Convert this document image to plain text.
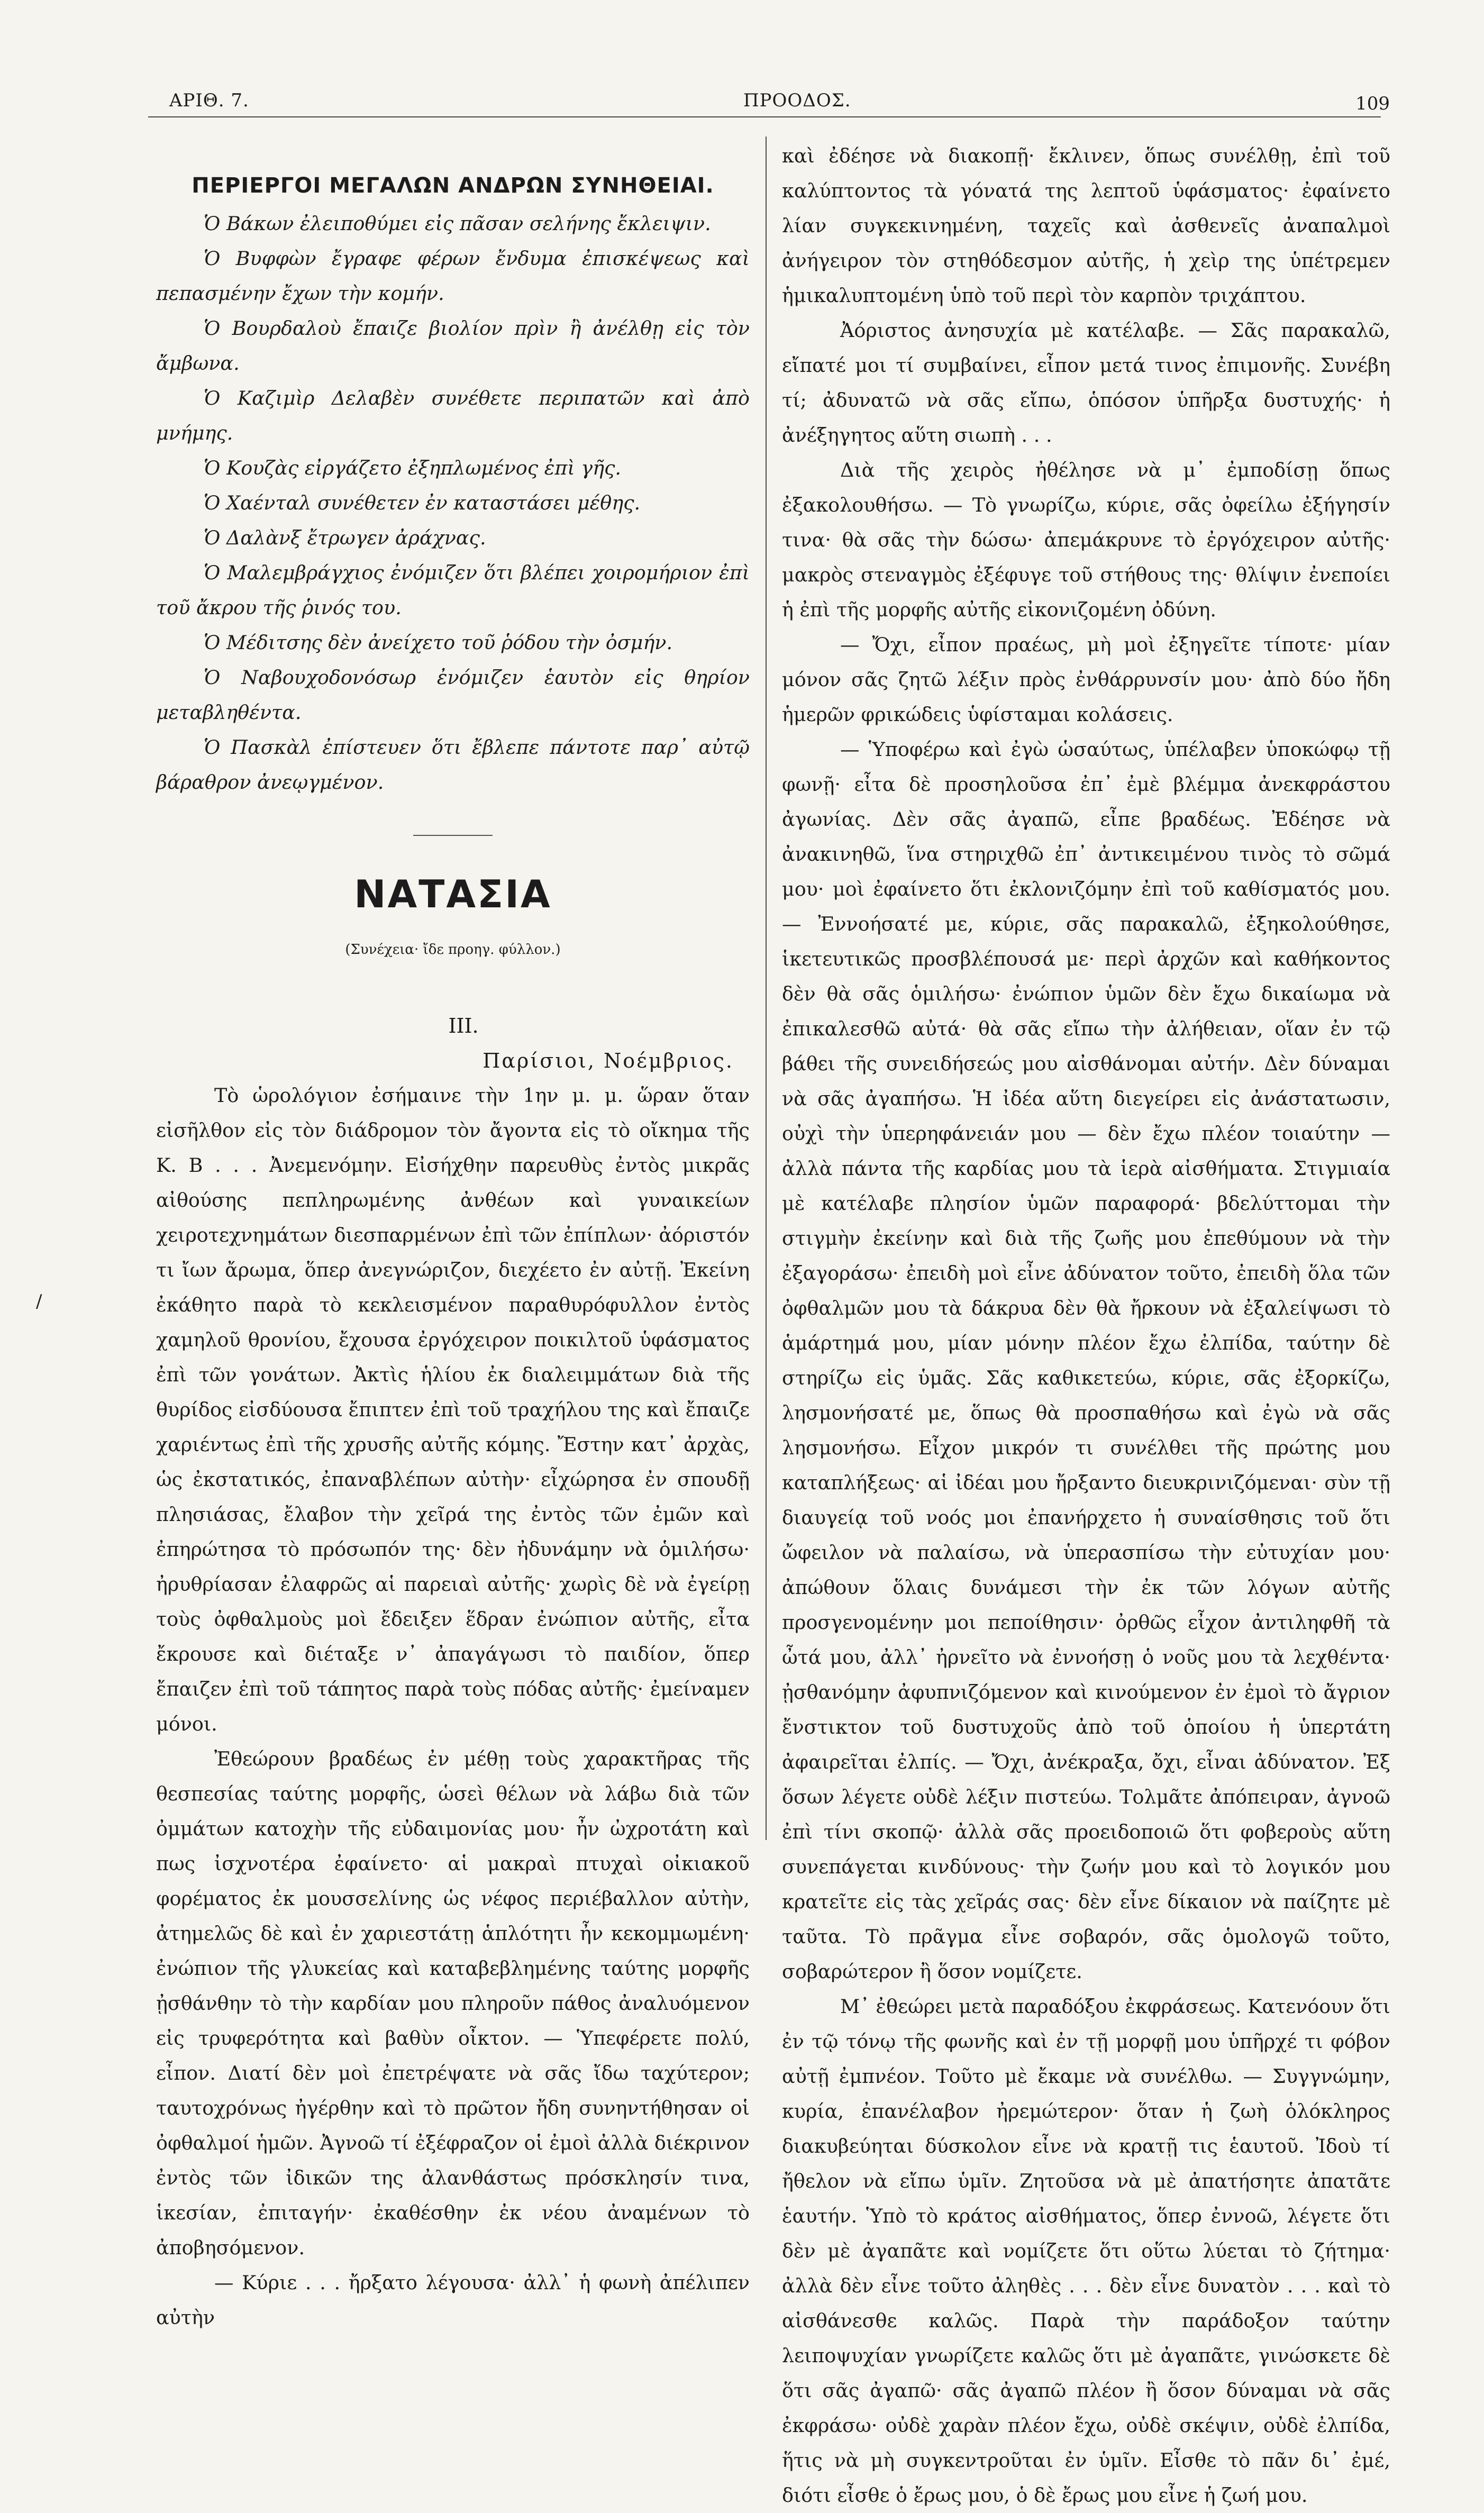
ΑΡΙΘ. 7.	ΠΡΟΟΔΟΣ.	109
/
ΠΕΡΙΕΡΓΟΙ ΜΕΓΑΛΩΝ ΑΝΔΡΩΝ ΣΥΝΗΘΕΙΑΙ.

Ὁ Βάκων ἐλειποθύμει εἰς πᾶσαν σελήνης ἔκλειψιν.

Ὁ Βυφφὼν ἔγραφε φέρων ἔνδυμα ἐπισκέψεως καὶ πεπασμένην ἔχων τὴν κομήν.

Ὁ Βουρδαλοὺ ἔπαιζε βιολίον πρὶν ἢ ἀνέλθῃ εἰς τὸν ἄμβωνα.

Ὁ Καζιμὶρ Δελαβὲν συνέθετε περιπατῶν καὶ ἀπὸ μνήμης.

Ὁ Κουζὰς εἰργάζετο ἐξηπλωμένος ἐπὶ γῆς.

Ὁ Χαένταλ συνέθετεν ἐν καταστάσει μέθης.

Ὁ Δαλὰνξ ἔτρωγεν ἀράχνας.

Ὁ Μαλεμβράγχιος ἐνόμιζεν ὅτι βλέπει χοιρομήριον ἐπὶ τοῦ ἄκρου τῆς ῥινός του.

Ὁ Μέδιτσης δὲν ἀνείχετο τοῦ ῥόδου τὴν ὀσμήν.

Ὁ Ναβουχοδονόσωρ ἐνόμιζεν ἑαυτὸν εἰς θηρίον μεταβληθέντα.

Ὁ Πασκὰλ ἐπίστευεν ὅτι ἔβλεπε πάντοτε παρ᾽ αὐτῷ βάραθρον ἀνεῳγμένον.

ΝΑΤΑΣΙΑ
(Συνέχεια· ἴδε προηγ. φύλλον.)
III.
Παρίσιοι, Νοέμβριος.

Τὸ ὡρολόγιον ἐσήμαινε τὴν 1ην μ. μ. ὥραν ὅταν εἰσῆλθον εἰς τὸν διάδρομον τὸν ἄγοντα εἰς τὸ οἴκημα τῆς Κ. Β . . . Ἀνεμενόμην. Εἰσήχθην παρευθὺς ἐντὸς μικρᾶς αἰθούσης πεπληρωμένης ἀνθέων καὶ γυναικείων χειροτεχνημάτων διεσπαρμένων ἐπὶ τῶν ἐπίπλων· ἀόριστόν τι ἴων ἄρωμα, ὅπερ ἀνεγνώριζον, διεχέετο ἐν αὐτῇ. Ἐκείνη ἐκάθητο παρὰ τὸ κεκλεισμένον παραθυρόφυλλον ἐντὸς χαμηλοῦ θρονίου, ἔχουσα ἐργόχειρον ποικιλτοῦ ὑφάσματος ἐπὶ τῶν γονάτων. Ἀκτὶς ἡλίου ἐκ διαλειμμάτων διὰ τῆς θυρίδος εἰσδύουσα ἔπιπτεν ἐπὶ τοῦ τραχήλου της καὶ ἔπαιζε χαριέντως ἐπὶ τῆς χρυσῆς αὐτῆς κόμης. Ἔστην κατ᾽ ἀρχὰς, ὡς ἐκστατικός, ἐπαναβλέπων αὐτὴν· εἶχώρησα ἐν σπουδῇ πλησιάσας, ἔλαβον τὴν χεῖρά της ἐντὸς τῶν ἐμῶν καὶ ἐπηρώτησα τὸ πρόσωπόν της· δὲν ἠδυνάμην νὰ ὁμιλήσω· ἠρυθρίασαν ἐλαφρῶς αἱ παρειαὶ αὐτῆς· χωρὶς δὲ νὰ ἐγείρῃ τοὺς ὀφθαλμοὺς μοὶ ἔδειξεν ἕδραν ἐνώπιον αὐτῆς, εἶτα ἔκρουσε καὶ διέταξε ν᾽ ἀπαγάγωσι τὸ παιδίον, ὅπερ ἔπαιζεν ἐπὶ τοῦ τάπητος παρὰ τοὺς πόδας αὐτῆς· ἐμείναμεν μόνοι.

Ἐθεώρουν βραδέως ἐν μέθῃ τοὺς χαρακτῆρας τῆς θεσπεσίας ταύτης μορφῆς, ὡσεὶ θέλων νὰ λάβω διὰ τῶν ὀμμάτων κατοχὴν τῆς εὐδαιμονίας μου· ἦν ὠχροτάτη καὶ πως ἰσχνοτέρα ἐφαίνετο· αἱ μακραὶ πτυχαὶ οἰκιακοῦ φορέματος ἐκ μουσσελίνης ὡς νέφος περιέβαλλον αὐτὴν, ἀτημελῶς δὲ καὶ ἐν χαριεστάτῃ ἁπλότητι ἦν κεκομμωμένη· ἐνώπιον τῆς γλυκείας καὶ καταβεβλημένης ταύτης μορφῆς ᾐσθάνθην τὸ τὴν καρδίαν μου πληροῦν πάθος ἀναλυόμενον εἰς τρυφερότητα καὶ βαθὺν οἶκτον. — Ὑπεφέρετε πολύ, εἶπον. Διατί δὲν μοὶ ἐπετρέψατε νὰ σᾶς ἴδω ταχύτερον; ταυτοχρόνως ἠγέρθην καὶ τὸ πρῶτον ἤδη συνηντήθησαν οἱ ὀφθαλμοί ἡμῶν. Ἀγνοῶ τί ἐξέφραζον οἱ ἐμοὶ ἀλλὰ διέκρινον ἐντὸς τῶν ἰδικῶν της ἀλανθάστως πρόσκλησίν τινα, ἱκεσίαν, ἐπιταγήν· ἐκαθέσθην ἐκ νέου ἀναμένων τὸ ἀποβησόμενον.

— Κύριε . . . ἤρξατο λέγουσα· ἀλλ᾽ ἡ φωνὴ ἀπέλιπεν αὐτὴν

καὶ ἐδέησε νὰ διακοπῇ· ἔκλινεν, ὅπως συνέλθῃ, ἐπὶ τοῦ καλύπτοντος τὰ γόνατά της λεπτοῦ ὑφάσματος· ἐφαίνετο λίαν συγκεκινημένη, ταχεῖς καὶ ἀσθενεῖς ἀναπαλμοὶ ἀνήγειρον τὸν στηθόδεσμον αὐτῆς, ἡ χεὶρ της ὑπέτρεμεν ἡμικαλυπτομένη ὑπὸ τοῦ περὶ τὸν καρπὸν τριχάπτου.

Ἀόριστος ἀνησυχία μὲ κατέλαβε. — Σᾶς παρακαλῶ, εἴπατέ μοι τί συμβαίνει, εἶπον μετά τινος ἐπιμονῆς. Συνέβη τί; ἀδυνατῶ νὰ σᾶς εἴπω, ὁπόσον ὑπῆρξα δυστυχής· ἡ ἀνέξηγητος αὕτη σιωπὴ . . .

Διὰ τῆς χειρὸς ἠθέλησε νὰ μ᾽ ἐμποδίσῃ ὅπως ἐξακολουθήσω. — Τὸ γνωρίζω, κύριε, σᾶς ὀφείλω ἐξήγησίν τινα· θὰ σᾶς τὴν δώσω· ἀπεμάκρυνε τὸ ἐργόχειρον αὐτῆς· μακρὸς στεναγμὸς ἐξέφυγε τοῦ στήθους της· θλίψιν ἐνεποίει ἡ ἐπὶ τῆς μορφῆς αὐτῆς εἰκονιζομένη ὀδύνη.

— Ὄχι, εἶπον πραέως, μὴ μοὶ ἐξηγεῖτε τίποτε· μίαν μόνον σᾶς ζητῶ λέξιν πρὸς ἐνθάρρυνσίν μου· ἀπὸ δύο ἤδη ἡμερῶν φρικώδεις ὑφίσταμαι κολάσεις.

— Ὑποφέρω καὶ ἐγὼ ὡσαύτως, ὑπέλαβεν ὑποκώφῳ τῇ φωνῇ· εἶτα δὲ προσηλοῦσα ἐπ᾽ ἐμὲ βλέμμα ἀνεκφράστου ἀγωνίας. Δὲν σᾶς ἀγαπῶ, εἶπε βραδέως. Ἐδέησε νὰ ἀνακινηθῶ, ἵνα στηριχθῶ ἐπ᾽ ἀντικειμένου τινὸς τὸ σῶμά μου· μοὶ ἐφαίνετο ὅτι ἐκλονιζόμην ἐπὶ τοῦ καθίσματός μου. — Ἐννοήσατέ με, κύριε, σᾶς παρακαλῶ, ἐξηκολούθησε, ἱκετευτικῶς προσβλέπουσά με· περὶ ἀρχῶν καὶ καθήκοντος δὲν θὰ σᾶς ὁμιλήσω· ἐνώπιον ὑμῶν δὲν ἔχω δικαίωμα νὰ ἐπικαλεσθῶ αὐτά· θὰ σᾶς εἴπω τὴν ἀλήθειαν, οἵαν ἐν τῷ βάθει τῆς συνειδήσεώς μου αἰσθάνομαι αὐτήν. Δὲν δύναμαι νὰ σᾶς ἀγαπήσω. Ἡ ἰδέα αὕτη διεγείρει εἰς ἀνάστατωσιν, οὐχὶ τὴν ὑπερηφάνειάν μου — δὲν ἔχω πλέον τοιαύτην — ἀλλὰ πάντα τῆς καρδίας μου τὰ ἱερὰ αἰσθήματα. Στιγμιαία μὲ κατέλαβε πλησίον ὑμῶν παραφορά· βδελύττομαι τὴν στιγμὴν ἐκείνην καὶ διὰ τῆς ζωῆς μου ἐπεθύμουν νὰ τὴν ἐξαγοράσω· ἐπειδὴ μοὶ εἶνε ἀδύνατον τοῦτο, ἐπειδὴ ὅλα τῶν ὀφθαλμῶν μου τὰ δάκρυα δὲν θὰ ἤρκουν νὰ ἐξαλείψωσι τὸ ἁμάρτημά μου, μίαν μόνην πλέον ἔχω ἐλπίδα, ταύτην δὲ στηρίζω εἰς ὑμᾶς. Σᾶς καθικετεύω, κύριε, σᾶς ἐξορκίζω, λησμονήσατέ με, ὅπως θὰ προσπαθήσω καὶ ἐγὼ νὰ σᾶς λησμονήσω. Εἶχον μικρόν τι συνέλθει τῆς πρώτης μου καταπλήξεως· αἱ ἰδέαι μου ἤρξαντο διευκρινιζόμεναι· σὺν τῇ διαυγείᾳ τοῦ νοός μοι ἐπανήρχετο ἡ συναίσθησις τοῦ ὅτι ὤφειλον νὰ παλαίσω, νὰ ὑπερασπίσω τὴν εὐτυχίαν μου· ἀπώθουν ὅλαις δυνάμεσι τὴν ἐκ τῶν λόγων αὐτῆς προσγενομένην μοι πεποίθησιν· ὀρθῶς εἶχον ἀντιληφθῆ τὰ ὦτά μου, ἀλλ᾽ ἠρνεῖτο νὰ ἐννοήσῃ ὁ νοῦς μου τὰ λεχθέντα· ᾐσθανόμην ἀφυπνιζόμενον καὶ κινούμενον ἐν ἐμοὶ τὸ ἄγριον ἔνστικτον τοῦ δυστυχοῦς ἀπὸ τοῦ ὁποίου ἡ ὑπερτάτη ἀφαιρεῖται ἐλπίς. — Ὄχι, ἀνέκραξα, ὄχι, εἶναι ἀδύνατον. Ἐξ ὅσων λέγετε οὐδὲ λέξιν πιστεύω. Τολμᾶτε ἀπόπειραν, ἀγνοῶ ἐπὶ τίνι σκοπῷ· ἀλλὰ σᾶς προειδοποιῶ ὅτι φοβεροὺς αὕτη συνεπάγεται κινδύνους· τὴν ζωήν μου καὶ τὸ λογικόν μου κρατεῖτε εἰς τὰς χεῖράς σας· δὲν εἶνε δίκαιον νὰ παίζητε μὲ ταῦτα. Τὸ πρᾶγμα εἶνε σοβαρόν, σᾶς ὁμολογῶ τοῦτο, σοβαρώτερον ἢ ὅσον νομίζετε.

Μ᾽ ἐθεώρει μετὰ παραδόξου ἐκφράσεως. Κατενόουν ὅτι ἐν τῷ τόνῳ τῆς φωνῆς καὶ ἐν τῇ μορφῇ μου ὑπῆρχέ τι φόβον αὐτῇ ἐμπνέον. Τοῦτο μὲ ἔκαμε νὰ συνέλθω. — Συγγνώμην, κυρία, ἐπανέλαβον ἠρεμώτερον· ὅταν ἡ ζωὴ ὁλόκληρος διακυβεύηται δύσκολον εἶνε νὰ κρατῇ τις ἑαυτοῦ. Ἰδοὺ τί ἤθελον νὰ εἴπω ὑμῖν. Ζητοῦσα νὰ μὲ ἀπατήσητε ἀπατᾶτε ἑαυτήν. Ὑπὸ τὸ κράτος αἰσθήματος, ὅπερ ἐννοῶ, λέγετε ὅτι δὲν μὲ ἀγαπᾶτε καὶ νομίζετε ὅτι οὕτω λύεται τὸ ζήτημα· ἀλλὰ δὲν εἶνε τοῦτο ἀληθὲς . . . δὲν εἶνε δυνατὸν . . . καὶ τὸ αἰσθάνεσθε καλῶς. Παρὰ τὴν παράδοξον ταύτην λειποψυχίαν γνωρίζετε καλῶς ὅτι μὲ ἀγαπᾶτε, γινώσκετε δὲ ὅτι σᾶς ἀγαπῶ· σᾶς ἀγαπῶ πλέον ἢ ὅσον δύναμαι νὰ σᾶς ἐκφράσω· οὐδὲ χαρὰν πλέον ἔχω, οὐδὲ σκέψιν, οὐδὲ ἐλπίδα, ἥτις νὰ μὴ συγκεντροῦται ἐν ὑμῖν. Εἶσθε τὸ πᾶν δι᾽ ἐμέ, διότι εἶσθε ὁ ἔρως μου, ὁ δὲ ἔρως μου εἶνε ἡ ζωή μου.
